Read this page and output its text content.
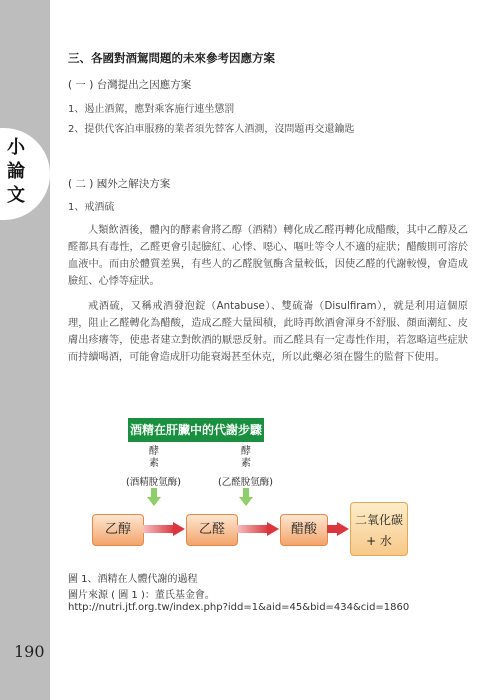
小
論
文
190
三、各國對酒駕問題的未來參考因應方案
( 一 ) 台灣提出之因應方案
1、遏止酒駕，應對乘客施行連坐懲罰
2、提供代客泊車服務的業者須先替客人酒測，沒問題再交還鑰匙
( 二 ) 國外之解決方案
1、戒酒硫

人類飲酒後，體內的酵素會將乙醇（酒精）轉化成乙醛再轉化成醋酸，其中乙醇及乙醛都具有毒性，乙醛更會引起臉紅、心悸、噁心、嘔吐等令人不適的症狀；醋酸則可溶於血液中。而由於體質差異，有些人的乙醛脫氫酶含量較低，因使乙醛的代謝較慢，會造成臉紅、心悸等症狀。

戒酒硫，又稱戒酒發泡錠（Antabuse）、雙硫崙（Disulfiram），就是利用這個原理，阻止乙醛轉化為醋酸，造成乙醛大量囤積，此時再飲酒會渾身不舒服、顏面潮紅、皮膚出疹癢等，使患者建立對飲酒的厭惡反射。而乙醛具有一定毒性作用，若忽略這些症狀而持續喝酒，可能會造成肝功能衰竭甚至休克，所以此藥必須在醫生的監督下使用。

圖 1、酒精在人體代謝的過程
圖片來源 ( 圖 1 )：董氏基金會。
http://nutri.jtf.org.tw/index.php?idd=1&aid=45&bid=434&cid=1860
酒精在肝臟中的代謝步驟
酵素
酵素
(酒精脫氫酶)	(乙醛脫氫酶)
乙醇	乙醛	醋酸
二氧化碳
+ 水
